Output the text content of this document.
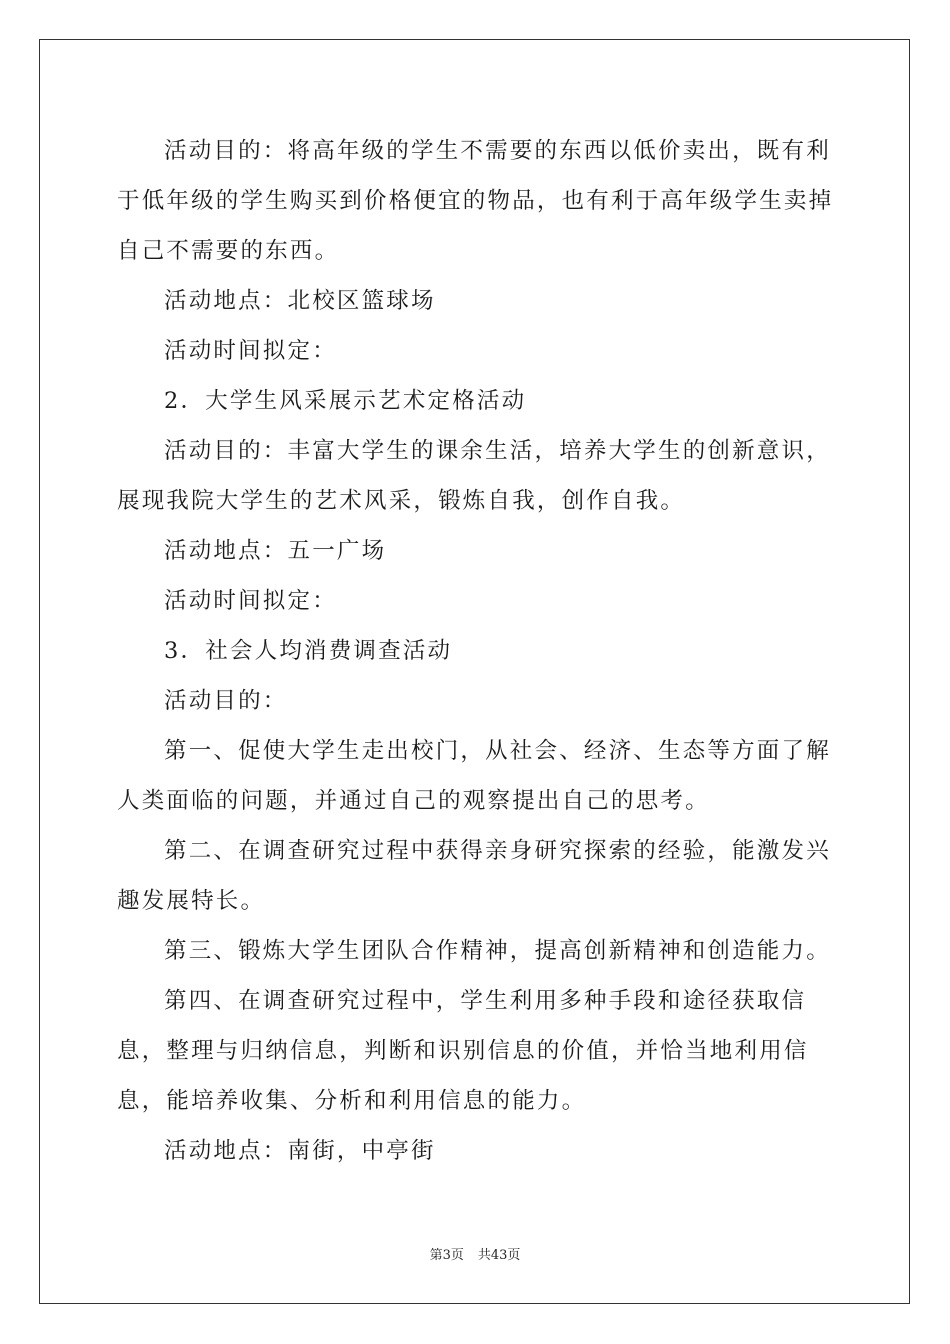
活动目的：将高年级的学生不需要的东西以低价卖出，既有利于低年级的学生购买到价格便宜的物品，也有利于高年级学生卖掉自己不需要的东西。

活动地点：北校区篮球场

活动时间拟定：

2．大学生风采展示艺术定格活动

活动目的：丰富大学生的课余生活，培养大学生的创新意识，展现我院大学生的艺术风采，锻炼自我，创作自我。

活动地点：五一广场

活动时间拟定：

3．社会人均消费调查活动

活动目的：

第一、促使大学生走出校门，从社会、经济、生态等方面了解人类面临的问题，并通过自己的观察提出自己的思考。

第二、在调查研究过程中获得亲身研究探索的经验，能激发兴趣发展特长。

第三、锻炼大学生团队合作精神，提高创新精神和创造能力。

第四、在调查研究过程中，学生利用多种手段和途径获取信息，整理与归纳信息，判断和识别信息的价值，并恰当地利用信息，能培养收集、分析和利用信息的能力。

活动地点：南街，中亭街

第3页 共43页
